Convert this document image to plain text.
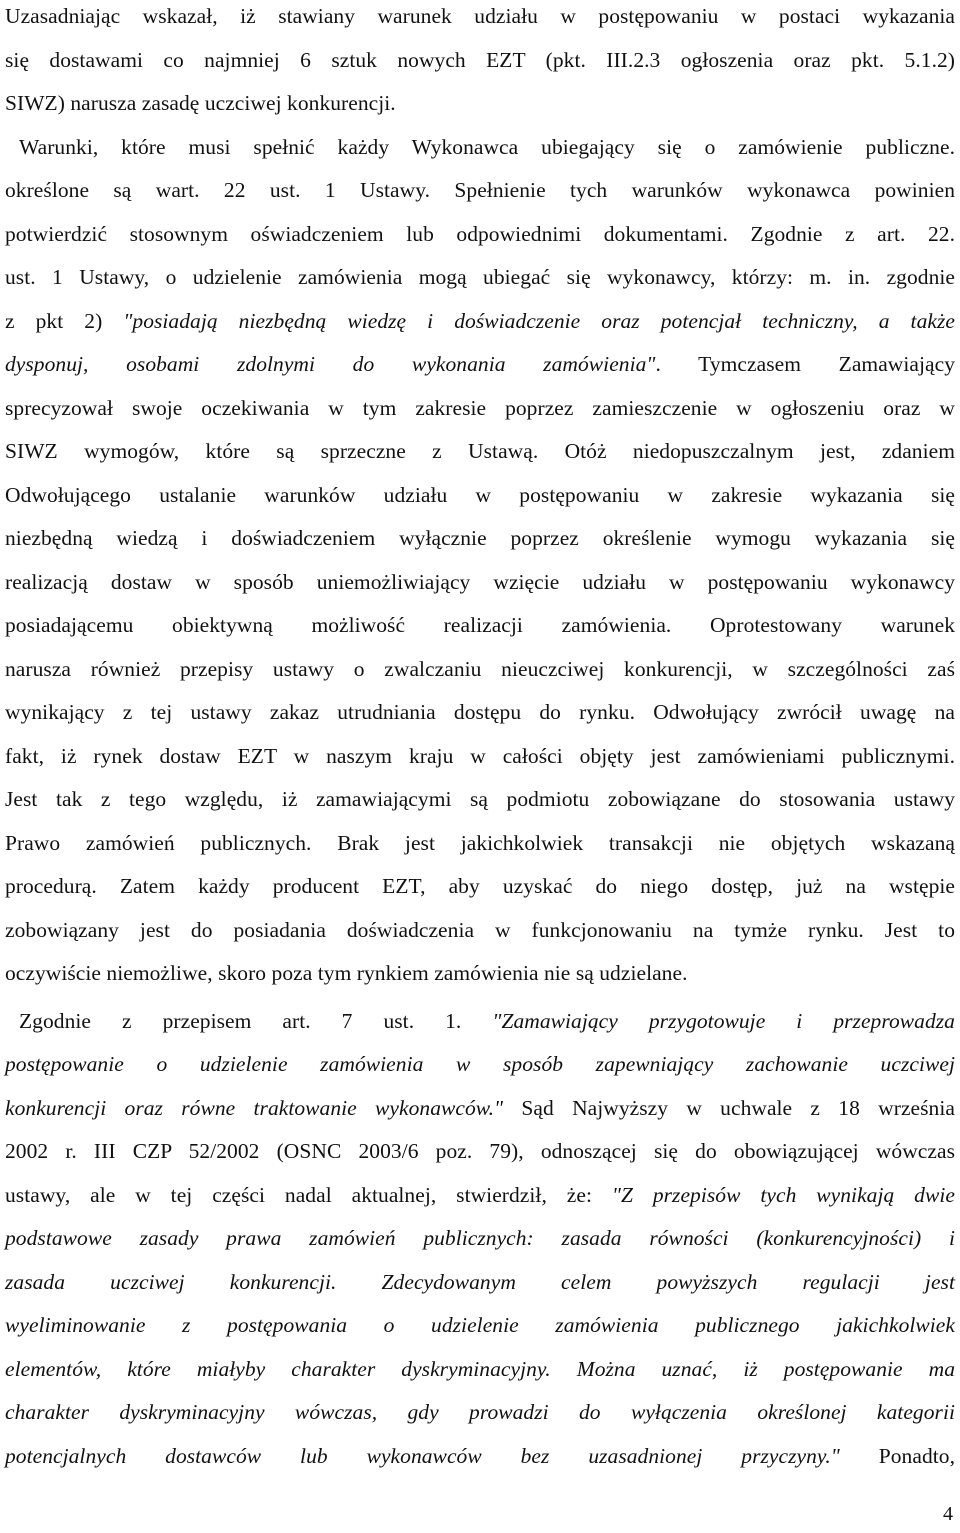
Uzasadniając wskazał, iż stawiany warunek udziału w postępowaniu w postaci wykazania
się dostawami co najmniej 6 sztuk nowych EZT (pkt. III.2.3 ogłoszenia oraz pkt. 5.1.2)
SIWZ) narusza zasadę uczciwej konkurencji.
Warunki, które musi spełnić każdy Wykonawca ubiegający się o zamówienie publiczne.
określone są wart. 22 ust. 1 Ustawy. Spełnienie tych warunków wykonawca powinien
potwierdzić stosownym oświadczeniem lub odpowiednimi dokumentami. Zgodnie z art. 22.
ust. 1 Ustawy, o udzielenie zamówienia mogą ubiegać się wykonawcy, którzy: m. in. zgodnie
z pkt 2) "posiadają niezbędną wiedzę i doświadczenie oraz potencjał techniczny, a także
dysponuj, osobami zdolnymi do wykonania zamówienia". Tymczasem Zamawiający
sprecyzował swoje oczekiwania w tym zakresie poprzez zamieszczenie w ogłoszeniu oraz w
SIWZ wymogów, które są sprzeczne z Ustawą. Otóż niedopuszczalnym jest, zdaniem
Odwołującego ustalanie warunków udziału w postępowaniu w zakresie wykazania się
niezbędną wiedzą i doświadczeniem wyłącznie poprzez określenie wymogu wykazania się
realizacją dostaw w sposób uniemożliwiający wzięcie udziału w postępowaniu wykonawcy
posiadającemu obiektywną możliwość realizacji zamówienia. Oprotestowany warunek
narusza również przepisy ustawy o zwalczaniu nieuczciwej konkurencji, w szczególności zaś
wynikający z tej ustawy zakaz utrudniania dostępu do rynku. Odwołujący zwrócił uwagę na
fakt, iż rynek dostaw EZT w naszym kraju w całości objęty jest zamówieniami publicznymi.
Jest tak z tego względu, iż zamawiającymi są podmiotu zobowiązane do stosowania ustawy
Prawo zamówień publicznych. Brak jest jakichkolwiek transakcji nie objętych wskazaną
procedurą. Zatem każdy producent EZT, aby uzyskać do niego dostęp, już na wstępie
zobowiązany jest do posiadania doświadczenia w funkcjonowaniu na tymże rynku. Jest to
oczywiście niemożliwe, skoro poza tym rynkiem zamówienia nie są udzielane.
Zgodnie z przepisem art. 7 ust. 1. "Zamawiający przygotowuje i przeprowadza
postępowanie o udzielenie zamówienia w sposób zapewniający zachowanie uczciwej
konkurencji oraz równe traktowanie wykonawców." Sąd Najwyższy w uchwale z 18 września
2002 r. III CZP 52/2002 (OSNC 2003/6 poz. 79), odnoszącej się do obowiązującej wówczas
ustawy, ale w tej części nadal aktualnej, stwierdził, że: "Z przepisów tych wynikają dwie
podstawowe zasady prawa zamówień publicznych: zasada równości (konkurencyjności) i
zasada uczciwej konkurencji. Zdecydowanym celem powyższych regulacji jest
wyeliminowanie z postępowania o udzielenie zamówienia publicznego jakichkolwiek
elementów, które miałyby charakter dyskryminacyjny. Można uznać, iż postępowanie ma
charakter dyskryminacyjny wówczas, gdy prowadzi do wyłączenia określonej kategorii
potencjalnych dostawców lub wykonawców bez uzasadnionej przyczyny." Ponadto,
4
